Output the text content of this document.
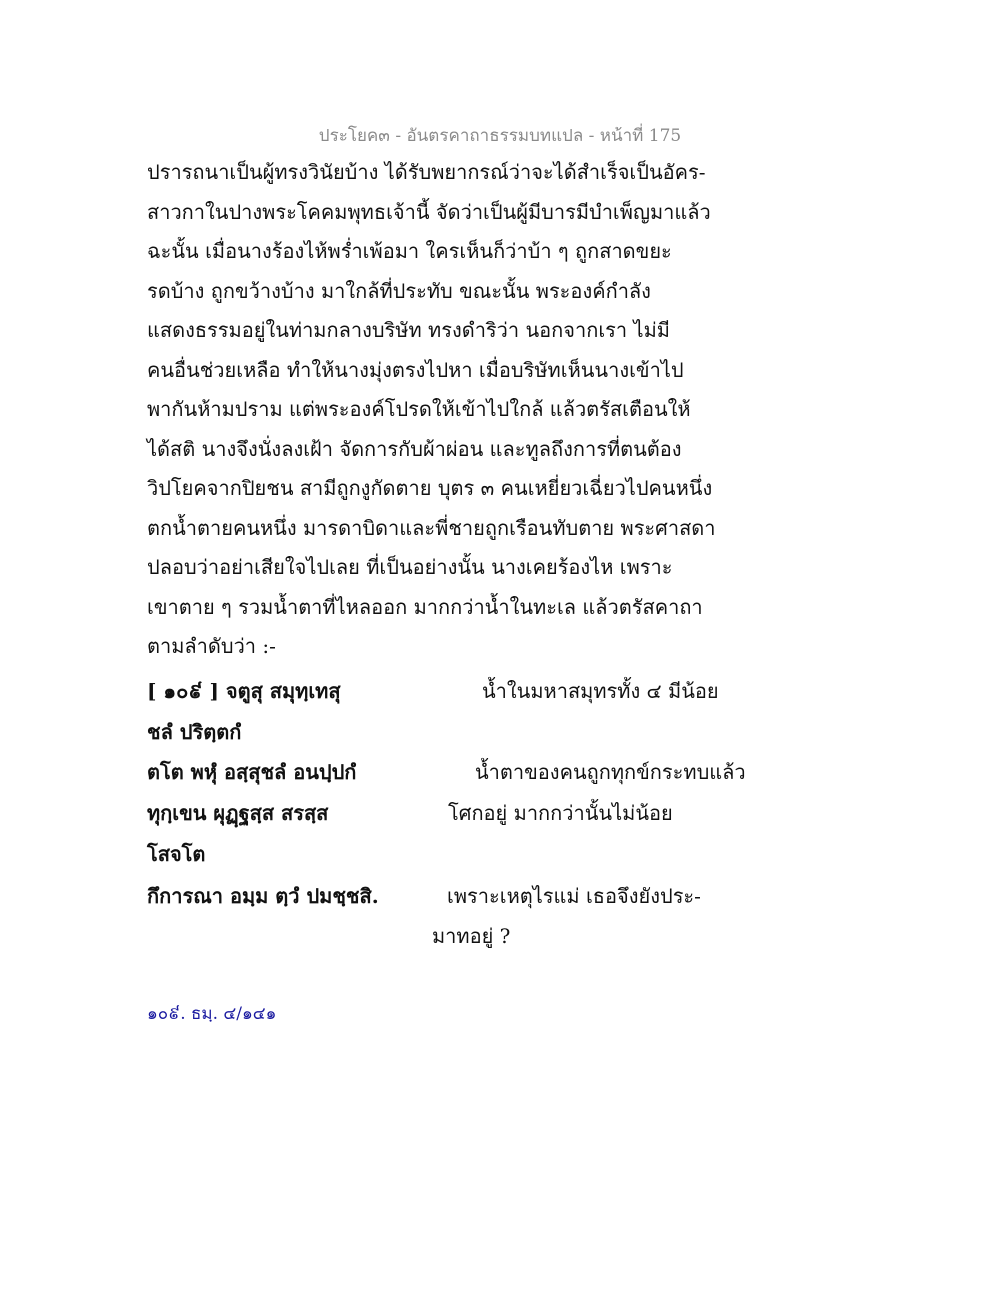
ประโยค๓ - อันตรคาถาธรรมบทแปล - หน้าที่ 175
ปรารถนาเป็นผู้ทรงวินัยบ้าง ได้รับพยากรณ์ว่าจะได้สำเร็จเป็นอัคร-
สาวกาในปางพระโคคมพุทธเจ้านี้ จัดว่าเป็นผู้มีบารมีบำเพ็ญมาแล้ว
ฉะนั้น เมื่อนางร้องไห้พร่ำเพ้อมา ใครเห็นก็ว่าบ้า ๆ ถูกสาดขยะ
รดบ้าง ถูกขว้างบ้าง มาใกล้ที่ประทับ ขณะนั้น พระองค์กำลัง
แสดงธรรมอยู่ในท่ามกลางบริษัท ทรงดำริว่า นอกจากเรา ไม่มี
คนอื่นช่วยเหลือ ทำให้นางมุ่งตรงไปหา เมื่อบริษัทเห็นนางเข้าไป
พากันห้ามปราม แต่พระองค์โปรดให้เข้าไปใกล้ แล้วตรัสเตือนให้
ได้สติ นางจึงนั่งลงเฝ้า จัดการกับผ้าผ่อน และทูลถึงการที่ตนต้อง
วิปโยคจากปิยชน สามีถูกงูกัดตาย บุตร ๓ คนเหยี่ยวเฉี่ยวไปคนหนึ่ง
ตกน้ำตายคนหนึ่ง มารดาบิดาและพี่ชายถูกเรือนทับตาย พระศาสดา
ปลอบว่าอย่าเสียใจไปเลย ที่เป็นอย่างนั้น นางเคยร้องไห เพราะ
เขาตาย ๆ รวมน้ำตาที่ไหลออก มากกว่าน้ำในทะเล แล้วตรัสคาถา
ตามลำดับว่า :-
[ ๑๐៩ ] จตูสุ สมุทฺเทสุ	น้ำในมหาสมุทรทั้ง ๔ มีน้อย
ชลํ ปริตฺตกํ
ตโต พหุํ อสฺสุชลํ อนปฺปกํ	น้ำตาของคนถูกทุกข์กระทบแล้ว
ทุกฺเขน ผุฏฺฐสฺส สรสฺส	โศกอยู่ มากกว่านั้นไม่น้อย
โสจโต
กึการณา อมฺม ตฺวํ ปมชฺชสิ.	เพราะเหตุไรแม่ เธอจึงยังประ-
มาทอยู่ ?
๑๐៩. ธมฺ. ๔/๑๔๑
